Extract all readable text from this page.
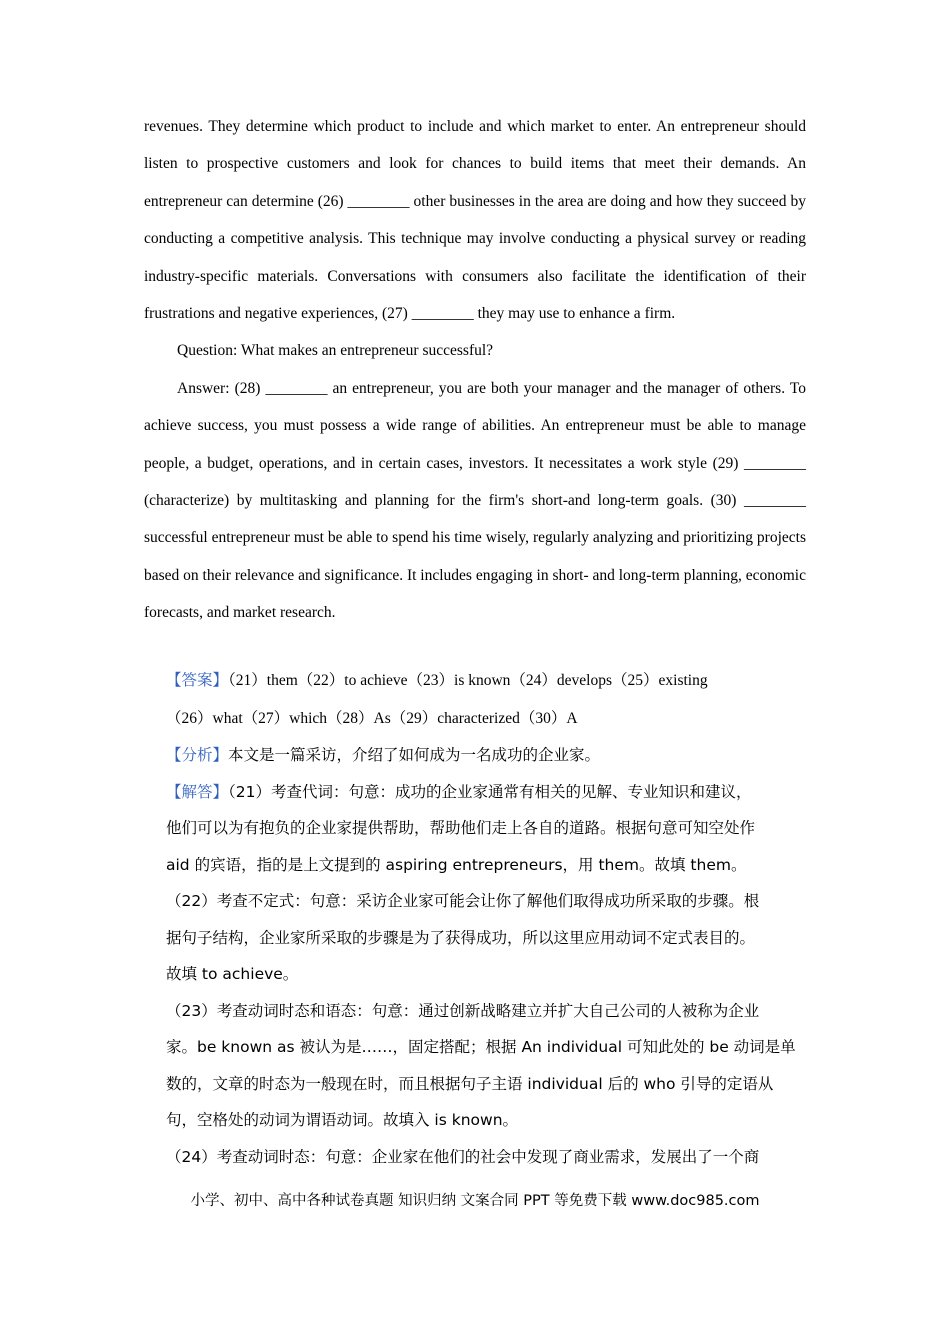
revenues. They determine which product to include and which market to enter. An entrepreneur should listen to prospective customers and look for chances to build items that meet their demands. An entrepreneur can determine (26) ________ other businesses in the area are doing and how they succeed by conducting a competitive analysis. This technique may involve conducting a physical survey or reading industry-specific materials. Conversations with consumers also facilitate the identification of their frustrations and negative experiences, (27) ________ they may use to enhance a firm.

Question: What makes an entrepreneur successful?

Answer: (28) ________ an entrepreneur, you are both your manager and the manager of others. To achieve success, you must possess a wide range of abilities. An entrepreneur must be able to manage people, a budget, operations, and in certain cases, investors. It necessitates a work style (29) ________ (characterize) by multitasking and planning for the firm's short-and long-term goals. (30) ________ successful entrepreneur must be able to spend his time wisely, regularly analyzing and prioritizing projects based on their relevance and significance. It includes engaging in short- and long-term planning, economic forecasts, and market research.

【答案】（21）them（22）to achieve（23）is known（24）develops（25）existing

（26）what（27）which（28）As（29）characterized（30）A

【分析】本文是一篇采访，介绍了如何成为一名成功的企业家。

【解答】（21）考查代词：句意：成功的企业家通常有相关的见解、专业知识和建议，

他们可以为有抱负的企业家提供帮助，帮助他们走上各自的道路。根据句意可知空处作

aid 的宾语，指的是上文提到的 aspiring entrepreneurs，用 them。故填 them。

（22）考查不定式：句意：采访企业家可能会让你了解他们取得成功所采取的步骤。根

据句子结构，企业家所采取的步骤是为了获得成功，所以这里应用动词不定式表目的。

故填 to achieve。

（23）考查动词时态和语态：句意：通过创新战略建立并扩大自己公司的人被称为企业

家。be known as 被认为是……，固定搭配；根据 An individual 可知此处的 be 动词是单

数的，文章的时态为一般现在时，而且根据句子主语 individual 后的 who 引导的定语从

句，空格处的动词为谓语动词。故填入 is known。

（24）考查动词时态：句意：企业家在他们的社会中发现了商业需求，发展出了一个商

小学、初中、高中各种试卷真题 知识归纳 文案合同 PPT 等免费下载 www.doc985.com
